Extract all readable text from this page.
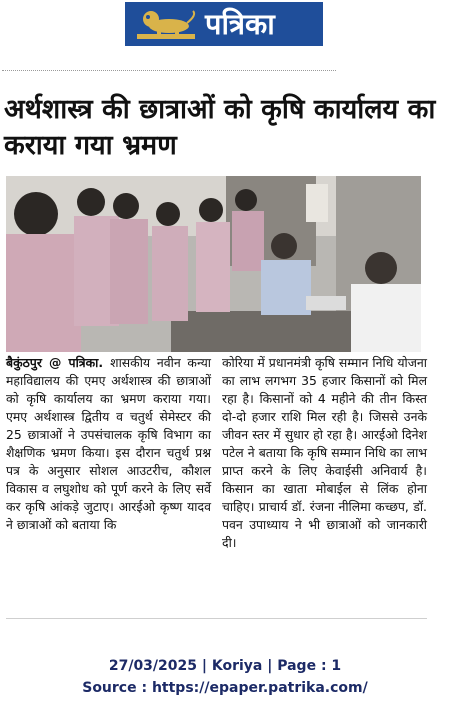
पत्रिका
अर्थशास्त्र की छात्राओं को कृषि कार्यालय का कराया गया भ्रमण
बैकुंठपुर @ पत्रिका. शासकीय नवीन कन्या महाविद्यालय की एमए अर्थशास्त्र की छात्राओं को कृषि कार्यालय का भ्रमण कराया गया। एमए अर्थशास्त्र द्वितीय व चतुर्थ सेमेस्टर की 25 छात्राओं ने उपसंचालक कृषि विभाग का शैक्षणिक भ्रमण किया। इस दौरान चतुर्थ प्रश्न पत्र के अनुसार सोशल आउटरीच, कौशल विकास व लघुशोध को पूर्ण करने के लिए सर्वे कर कृषि आंकड़े जुटाए। आरईओ कृष्ण यादव ने छात्राओं को बताया कि
कोरिया में प्रधानमंत्री कृषि सम्मान निधि योजना का लाभ लगभग 35 हजार किसानों को मिल रहा है। किसानों को 4 महीने की तीन किस्त दो-दो हजार राशि मिल रही है। जिससे उनके जीवन स्तर में सुधार हो रहा है। आरईओ दिनेश पटेल ने बताया कि कृषि सम्मान निधि का लाभ प्राप्त करने के लिए केवाईसी अनिवार्य है। किसान का खाता मोबाईल से लिंक होना चाहिए। प्राचार्य डॉ. रंजना नीलिमा कच्छप, डॉ. पवन उपाध्याय ने भी छात्राओं को जानकारी दी।
27/03/2025 | Koriya | Page : 1
Source : https://epaper.patrika.com/
